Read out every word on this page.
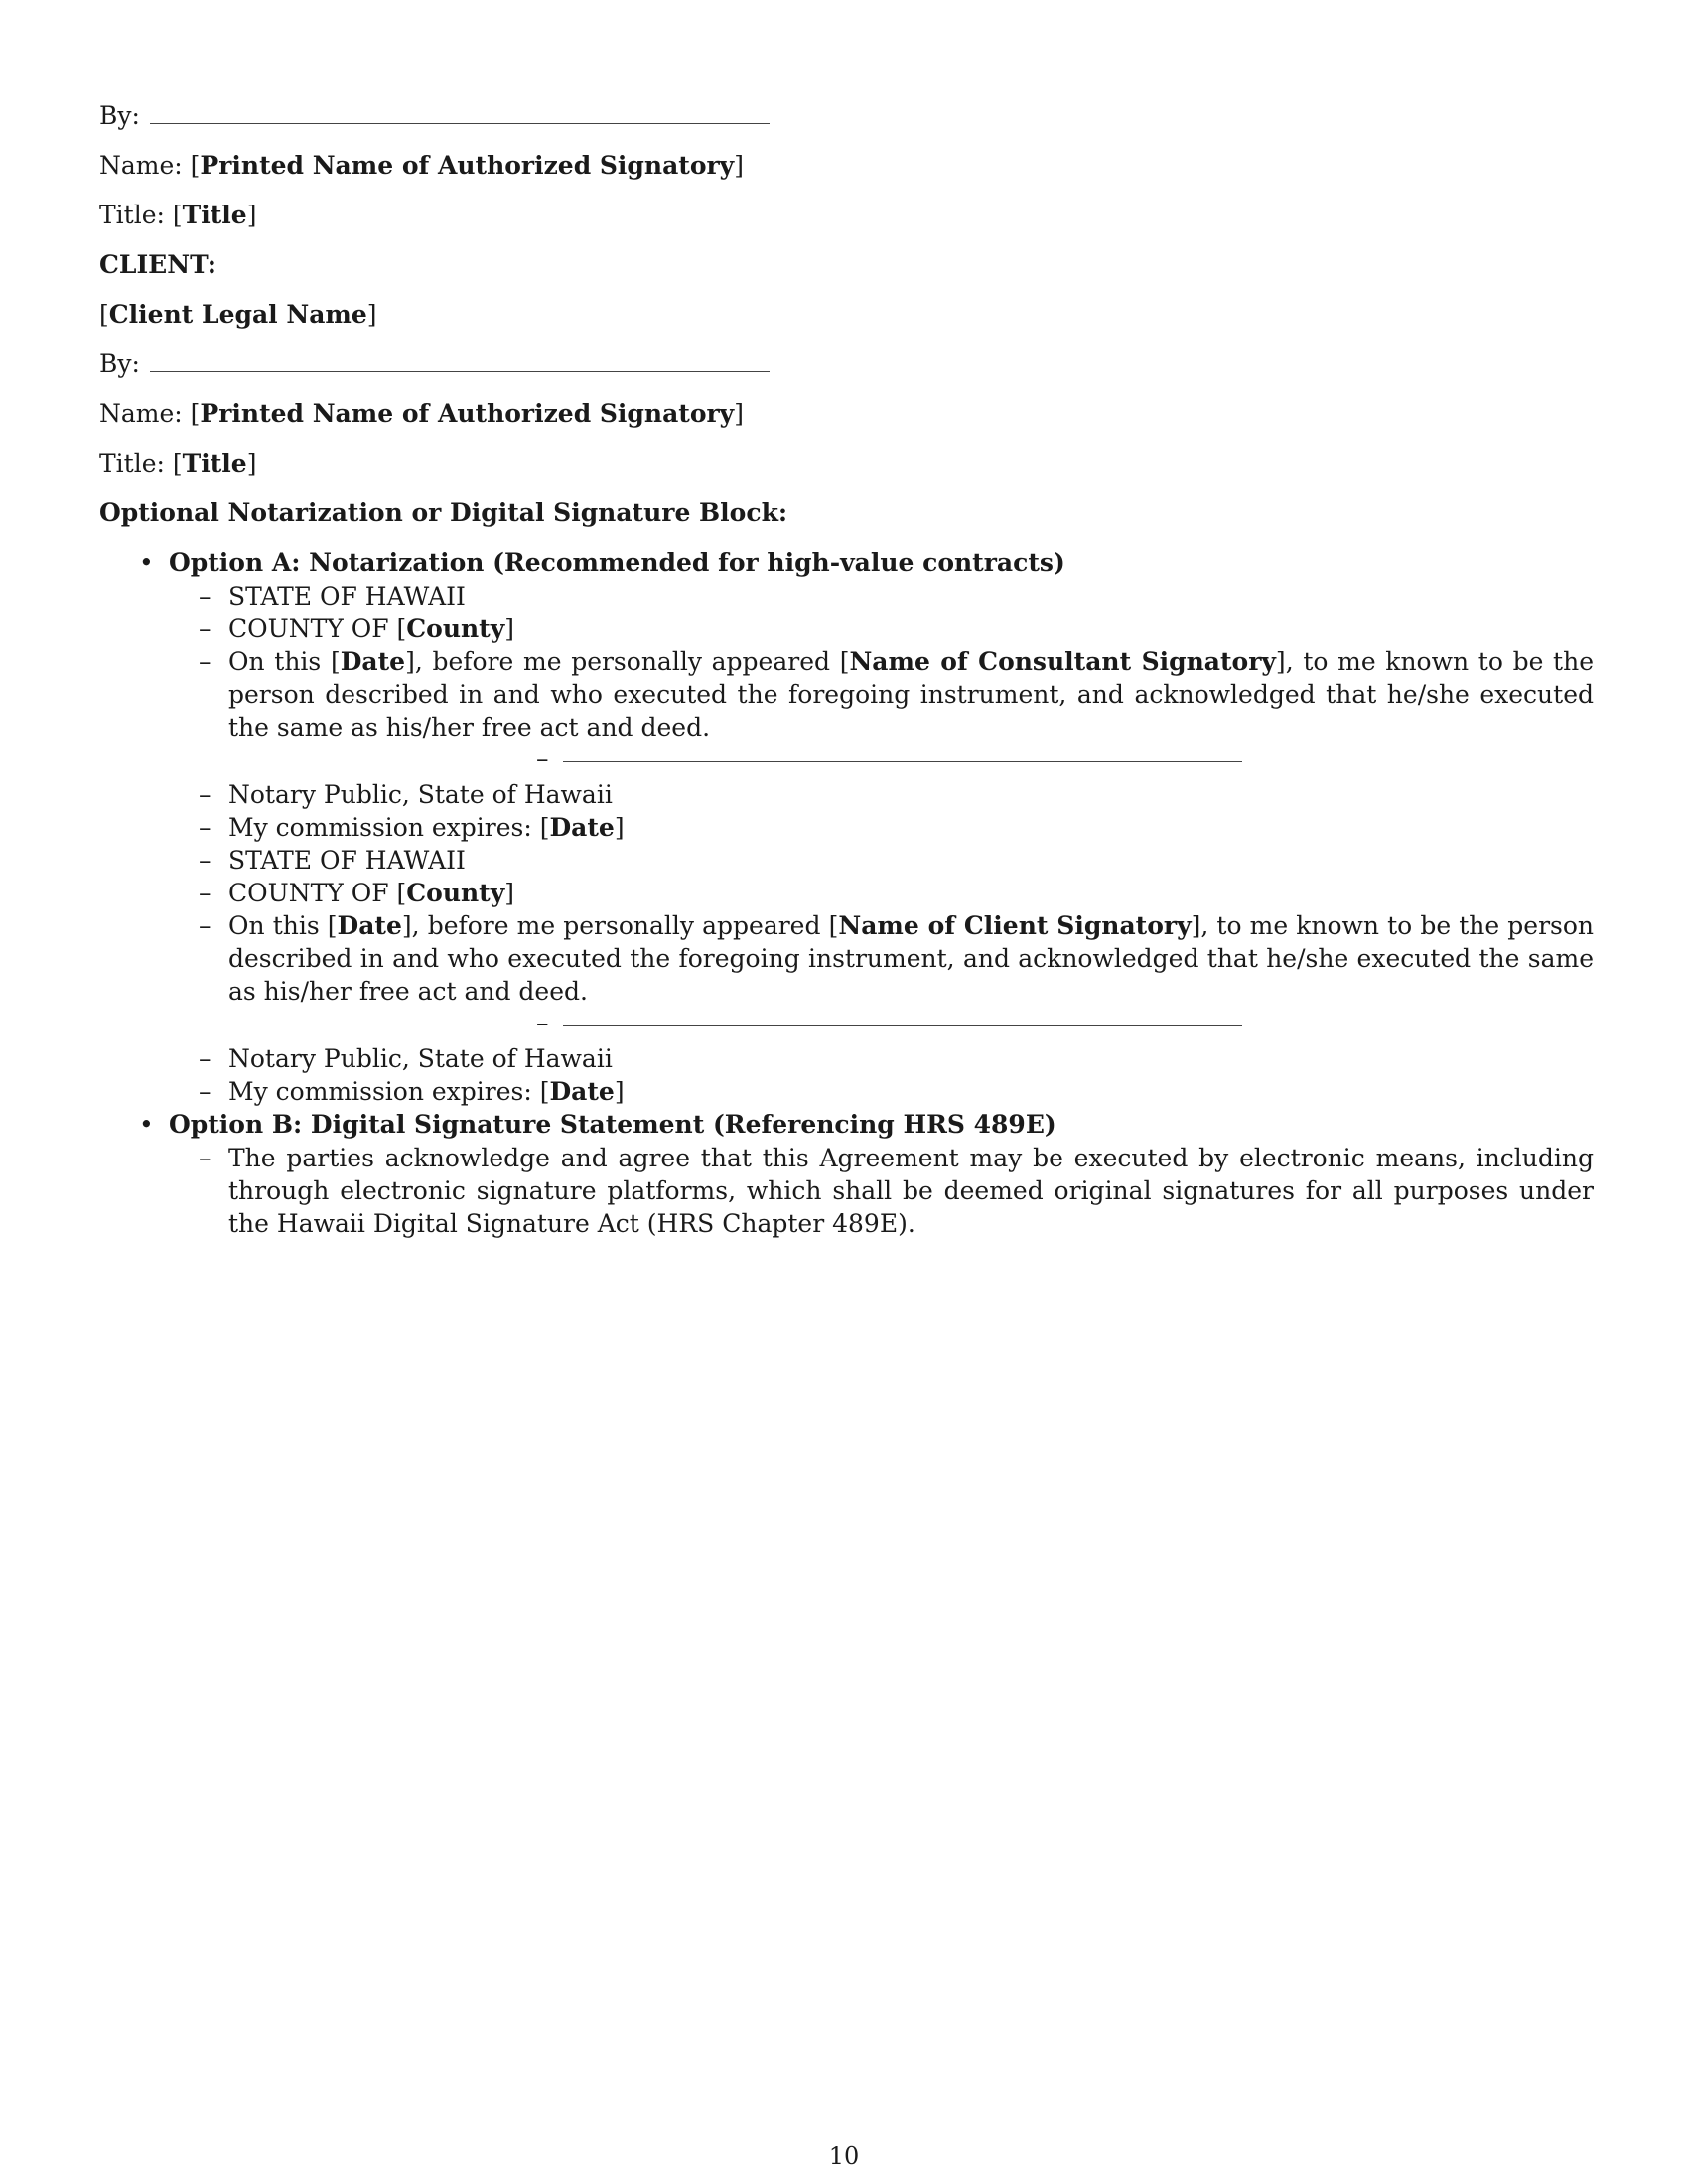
By:
Name: [Printed Name of Authorized Signatory]
Title: [Title]
CLIENT:
[Client Legal Name]
By:
Name: [Printed Name of Authorized Signatory]
Title: [Title]
Optional Notarization or Digital Signature Block:
• Option A: Notarization (Recommended for high-value contracts)
– STATE OF HAWAII
– COUNTY OF [County]
– On this [Date], before me personally appeared [Name of Consultant Signatory], to me known to be the person described in and who executed the foregoing instrument, and acknowledged that he/she executed the same as his/her free act and deed.
–
– Notary Public, State of Hawaii
– My commission expires: [Date]
– STATE OF HAWAII
– COUNTY OF [County]
– On this [Date], before me personally appeared [Name of Client Signatory], to me known to be the person described in and who executed the foregoing instrument, and acknowledged that he/she executed the same as his/her free act and deed.
–
– Notary Public, State of Hawaii
– My commission expires: [Date]
• Option B: Digital Signature Statement (Referencing HRS 489E)
– The parties acknowledge and agree that this Agreement may be executed by electronic means, including through electronic signature platforms, which shall be deemed original signatures for all purposes under the Hawaii Digital Signature Act (HRS Chapter 489E).
10
